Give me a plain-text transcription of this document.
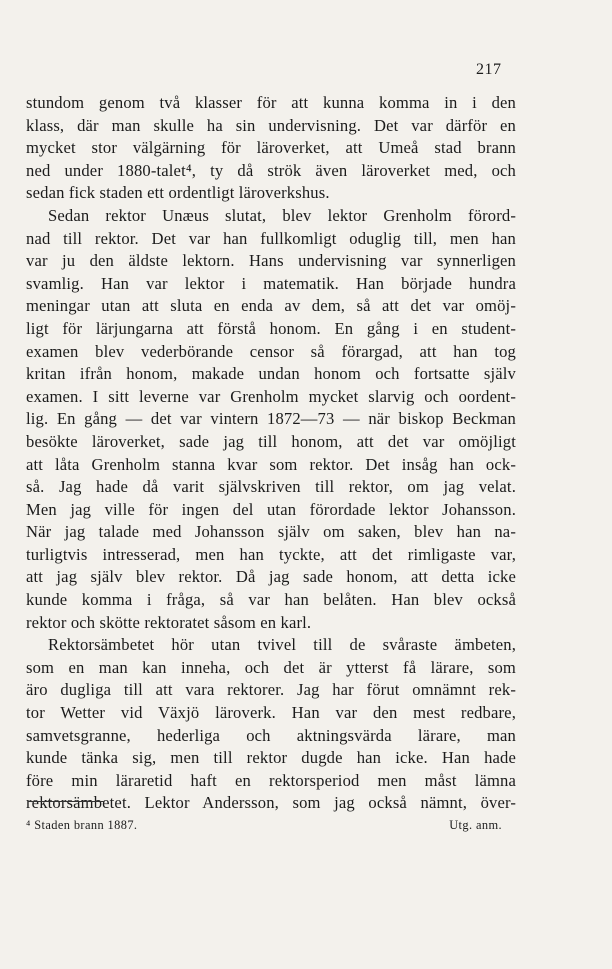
217
stundom genom två klasser för att kunna komma in i den
klass, där man skulle ha sin undervisning. Det var därför en
mycket stor välgärning för läroverket, att Umeå stad brann
ned under 1880-talet⁴, ty då strök även läroverket med, och
sedan fick staden ett ordentligt läroverkshus.
Sedan rektor Unæus slutat, blev lektor Grenholm förord-
nad till rektor. Det var han fullkomligt oduglig till, men han
var ju den äldste lektorn. Hans undervisning var synnerligen
svamlig. Han var lektor i matematik. Han började hundra
meningar utan att sluta en enda av dem, så att det var omöj-
ligt för lärjungarna att förstå honom. En gång i en student-
examen blev vederbörande censor så förargad, att han tog
kritan ifrån honom, makade undan honom och fortsatte själv
examen. I sitt leverne var Grenholm mycket slarvig och oordent-
lig. En gång — det var vintern 1872—73 — när biskop Beckman
besökte läroverket, sade jag till honom, att det var omöjligt
att låta Grenholm stanna kvar som rektor. Det insåg han ock-
så. Jag hade då varit självskriven till rektor, om jag velat.
Men jag ville för ingen del utan förordade lektor Johansson.
När jag talade med Johansson själv om saken, blev han na-
turligtvis intresserad, men han tyckte, att det rimligaste var,
att jag själv blev rektor. Då jag sade honom, att detta icke
kunde komma i fråga, så var han belåten. Han blev också
rektor och skötte rektoratet såsom en karl.
Rektorsämbetet hör utan tvivel till de svåraste ämbeten,
som en man kan inneha, och det är ytterst få lärare, som
äro dugliga till att vara rektorer. Jag har förut omnämnt rek-
tor Wetter vid Växjö läroverk. Han var den mest redbare,
samvetsgranne, hederliga och aktningsvärda lärare, man
kunde tänka sig, men till rektor dugde han icke. Han hade
före min läraretid haft en rektorsperiod men måst lämna
rektorsämbetet. Lektor Andersson, som jag också nämnt, över-
⁴ Staden brann 1887.	Utg. anm.
